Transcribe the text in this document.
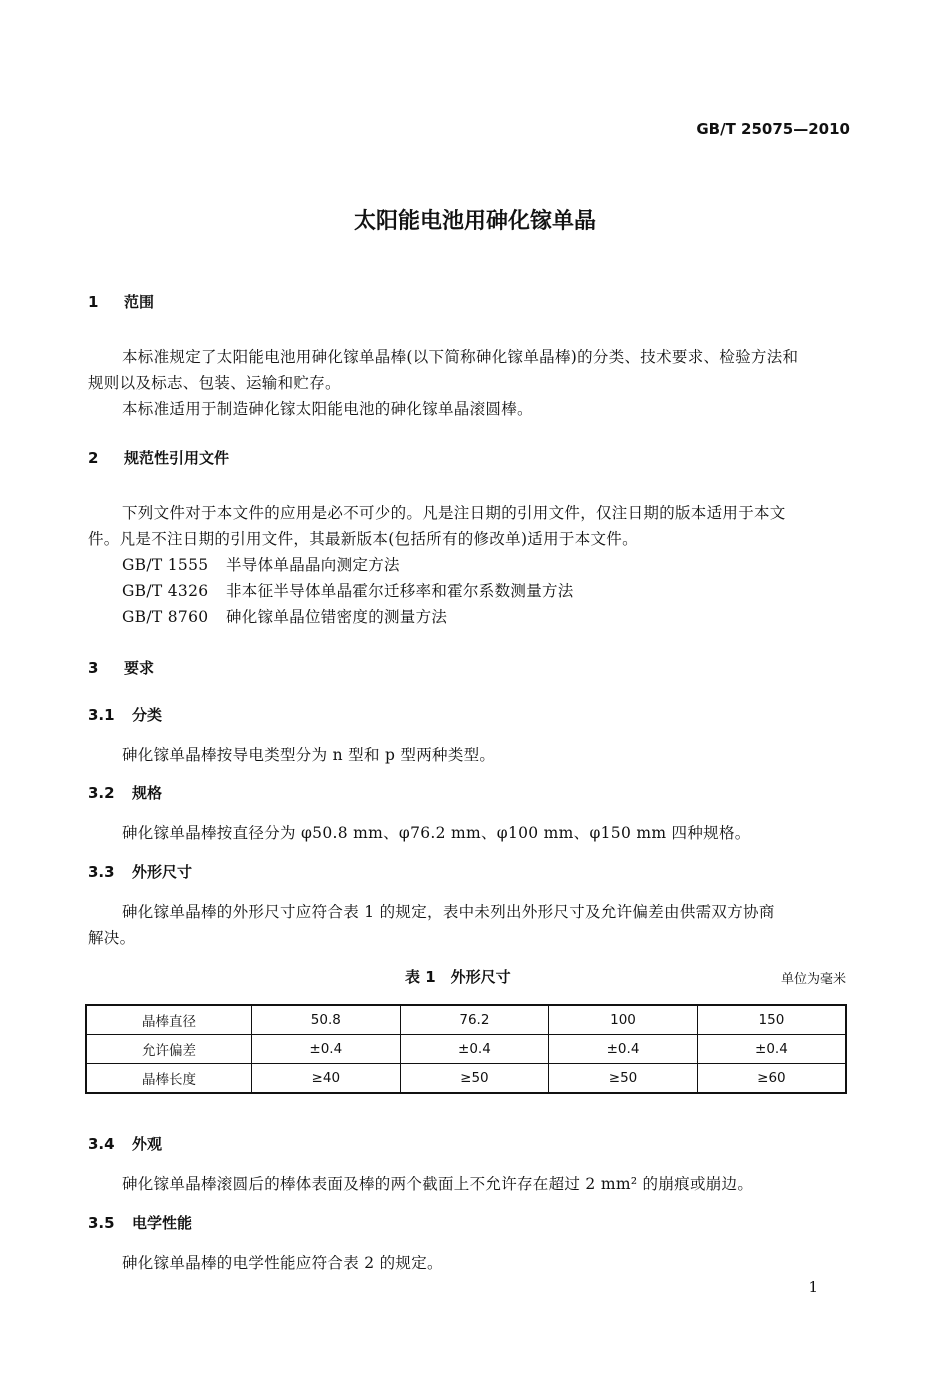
GB/T 25075—2010
太阳能电池用砷化镓单晶
1 范围
本标准规定了太阳能电池用砷化镓单晶棒(以下简称砷化镓单晶棒)的分类、技术要求、检验方法和
规则以及标志、包装、运输和贮存。
本标准适用于制造砷化镓太阳能电池的砷化镓单晶滚圆棒。
2 规范性引用文件
下列文件对于本文件的应用是必不可少的。凡是注日期的引用文件，仅注日期的版本适用于本文
件。凡是不注日期的引用文件，其最新版本(包括所有的修改单)适用于本文件。
GB/T 1555 半导体单晶晶向测定方法
GB/T 4326 非本征半导体单晶霍尔迁移率和霍尔系数测量方法
GB/T 8760 砷化镓单晶位错密度的测量方法
3 要求
3.1 分类
砷化镓单晶棒按导电类型分为 n 型和 p 型两种类型。
3.2 规格
砷化镓单晶棒按直径分为 φ50.8 mm、φ76.2 mm、φ100 mm、φ150 mm 四种规格。
3.3 外形尺寸
砷化镓单晶棒的外形尺寸应符合表 1 的规定，表中未列出外形尺寸及允许偏差由供需双方协商
解决。
表 1　外形尺寸	单位为毫米
晶棒直径	50.8	76.2	100	150
允许偏差	±0.4	±0.4	±0.4	±0.4
晶棒长度	≥40	≥50	≥50	≥60
3.4 外观
砷化镓单晶棒滚圆后的棒体表面及棒的两个截面上不允许存在超过 2 mm² 的崩痕或崩边。
3.5 电学性能
砷化镓单晶棒的电学性能应符合表 2 的规定。
1
